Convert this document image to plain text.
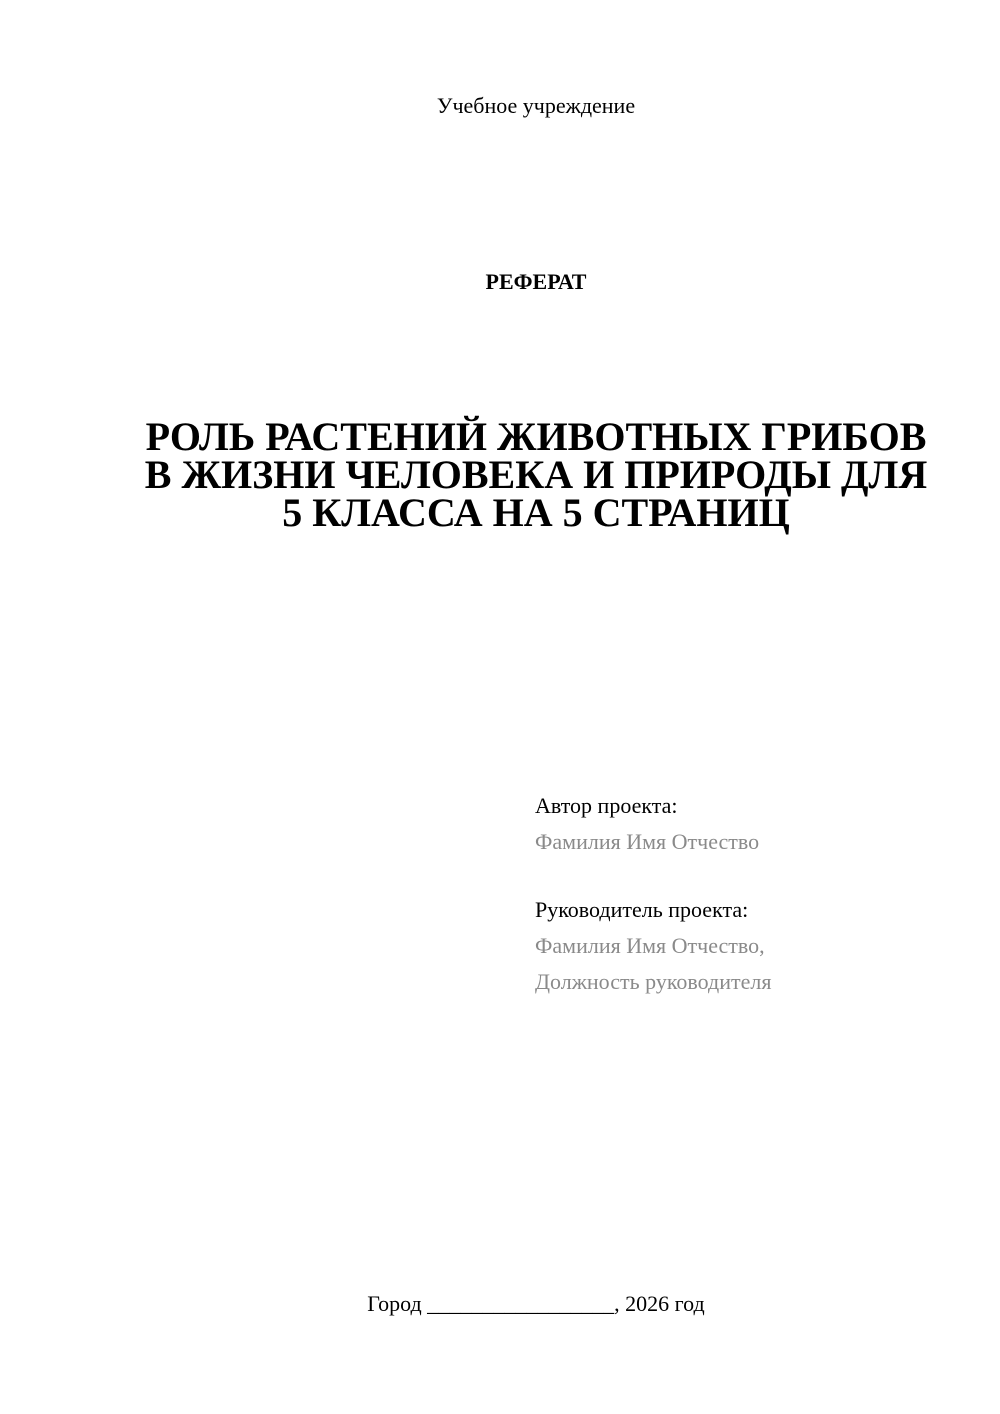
Учебное учреждение
РЕФЕРАТ
РОЛЬ РАСТЕНИЙ ЖИВОТНЫХ ГРИБОВ
В ЖИЗНИ ЧЕЛОВЕКА И ПРИРОДЫ ДЛЯ
5 КЛАССА НА 5 СТРАНИЦ
Автор проекта:
Фамилия Имя Отчество
Руководитель проекта:
Фамилия Имя Отчество,
Должность руководителя
Город _________________, 2026 год
